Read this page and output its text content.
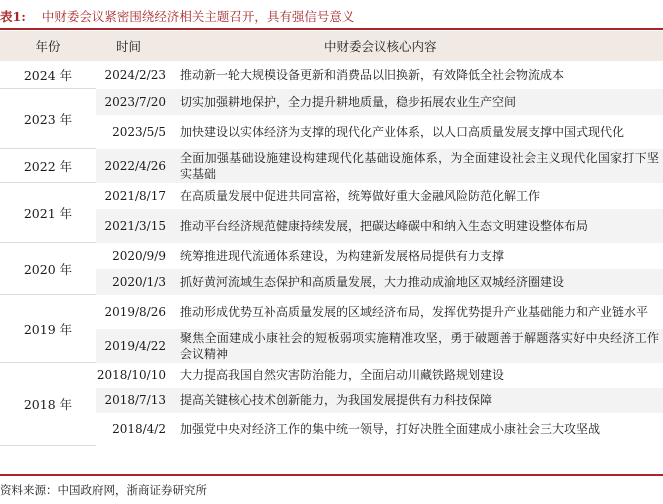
表1: 中财委会议紧密围绕经济相关主题召开，具有强信号意义
年份	时间	中财委会议核心内容
2024 年	2024/2/23	推动新一轮大规模设备更新和消费品以旧换新，有效降低全社会物流成本
2023 年	2023/7/20	切实加强耕地保护，全力提升耕地质量，稳步拓展农业生产空间
	2023/5/5	加快建设以实体经济为支撑的现代化产业体系，以人口高质量发展支撑中国式现代化
2022 年	2022/4/26	全面加强基础设施建设构建现代化基础设施体系，为全面建设社会主义现代化国家打下坚实基础
2021 年	2021/8/17	在高质量发展中促进共同富裕，统筹做好重大金融风险防范化解工作
	2021/3/15	推动平台经济规范健康持续发展，把碳达峰碳中和纳入生态文明建设整体布局
2020 年	2020/9/9	统筹推进现代流通体系建设，为构建新发展格局提供有力支撑
	2020/1/3	抓好黄河流域生态保护和高质量发展，大力推动成渝地区双城经济圈建设
2019 年	2019/8/26	推动形成优势互补高质量发展的区域经济布局，发挥优势提升产业基础能力和产业链水平
	2019/4/22	聚焦全面建成小康社会的短板弱项实施精准攻坚，勇于破题善于解题落实好中央经济工作会议精神
2018 年	2018/10/10	大力提高我国自然灾害防治能力，全面启动川藏铁路规划建设
	2018/7/13	提高关键核心技术创新能力，为我国发展提供有力科技保障
	2018/4/2	加强党中央对经济工作的集中统一领导，打好决胜全面建成小康社会三大攻坚战
资料来源：中国政府网，浙商证券研究所
